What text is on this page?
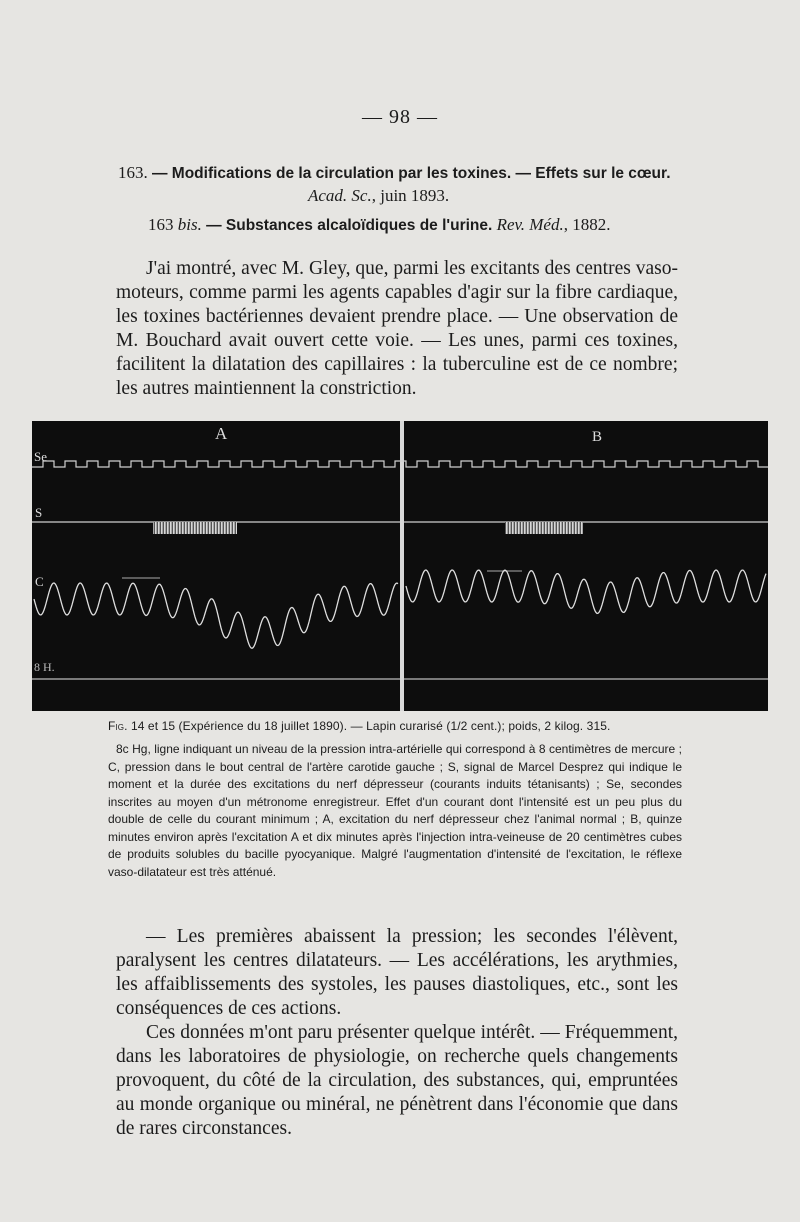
— 98 —
163. — Modifications de la circulation par les toxines. — Effets sur le cœur.
Acad. Sc., juin 1893.
163 bis. — Substances alcaloïdiques de l'urine. Rev. Méd., 1882.

J'ai montré, avec M. Gley, que, parmi les excitants des centres vaso-moteurs, comme parmi les agents capables d'agir sur la fibre cardiaque, les toxines bactériennes devaient prendre place. — Une observation de M. Bouchard avait ouvert cette voie. — Les unes, parmi ces toxines, facilitent la dilatation des capillaires : la tuberculine est de ce nombre; les autres maintiennent la constriction.

A	B
Se
S
C
8 H.
Fig. 14 et 15 (Expérience du 18 juillet 1890). — Lapin curarisé (1/2 cent.); poids, 2 kilog. 315.

8c Hg, ligne indiquant un niveau de la pression intra-artérielle qui correspond à 8 centimètres de mercure ; C, pression dans le bout central de l'artère carotide gauche ; S, signal de Marcel Desprez qui indique le moment et la durée des excitations du nerf dépresseur (courants induits tétanisants) ; Se, secondes inscrites au moyen d'un métronome enregistreur. Effet d'un courant dont l'intensité est un peu plus du double de celle du courant minimum ; A, excitation du nerf dépresseur chez l'animal normal ; B, quinze minutes environ après l'excitation A et dix minutes après l'injection intra-veineuse de 20 centimètres cubes de produits solubles du bacille pyocyanique. Malgré l'augmentation d'intensité de l'excitation, le réflexe vaso-dilatateur est très atténué.

— Les premières abaissent la pression; les secondes l'élèvent, paralysent les centres dilatateurs. — Les accélérations, les arythmies, les affaiblissements des systoles, les pauses diastoliques, etc., sont les conséquences de ces actions.

Ces données m'ont paru présenter quelque intérêt. — Fréquemment, dans les laboratoires de physiologie, on recherche quels changements provoquent, du côté de la circulation, des substances, qui, empruntées au monde organique ou minéral, ne pénètrent dans l'économie que dans de rares circonstances.
